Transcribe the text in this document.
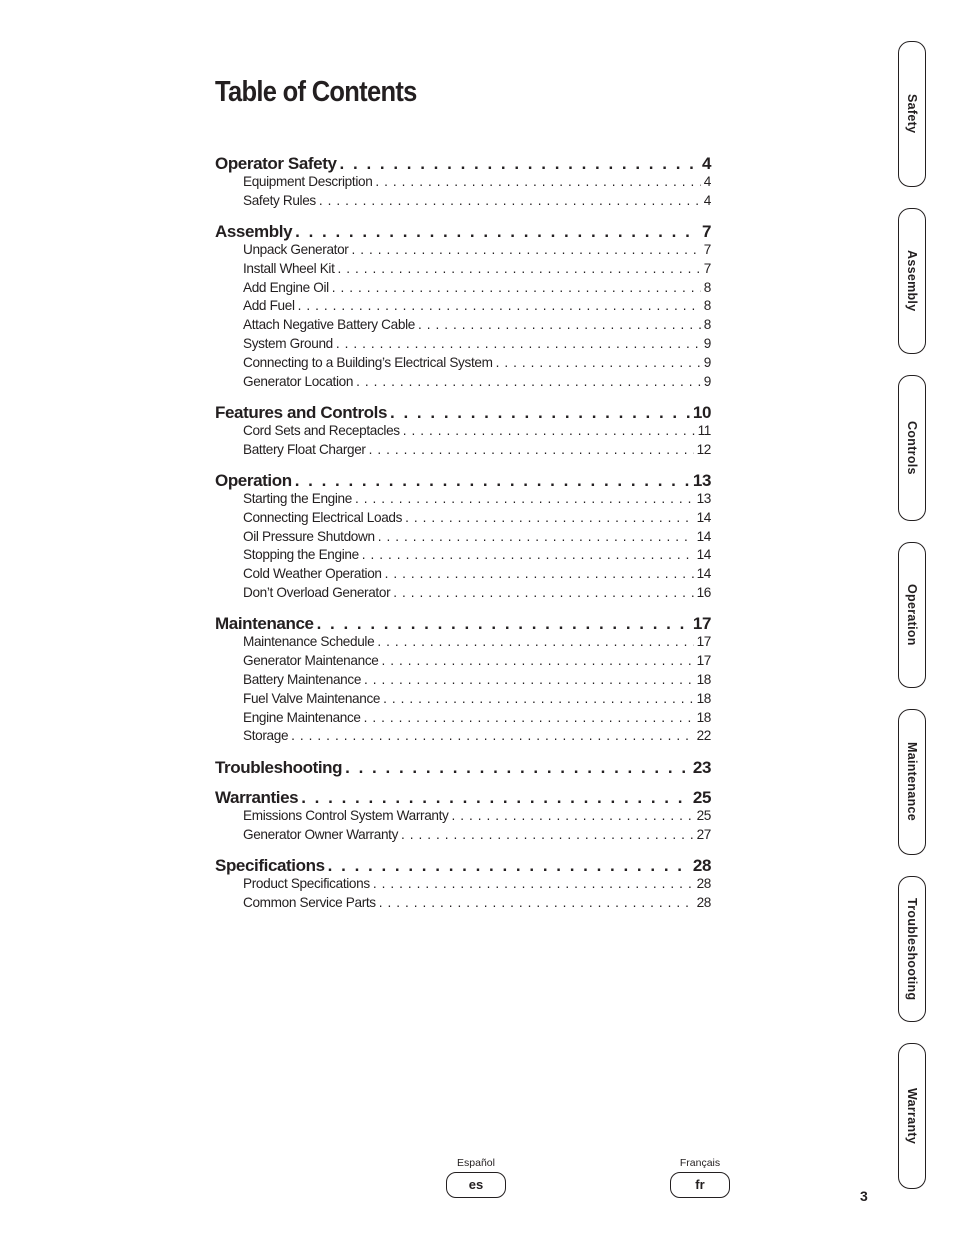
Table of Contents
Operator Safety . . .	4
Equipment Description . . .	4
Safety Rules . . .	4
Assembly . . .	7
Unpack Generator . . .	7
Install Wheel Kit . . .	7
Add Engine Oil . . .	8
Add Fuel . . .	8
Attach Negative Battery Cable . . .	8
System Ground . . .	9
Connecting to a Building’s Electrical System . . .	9
Generator Location . . .	9
Features and Controls . . .	10
Cord Sets and Receptacles . . .	11
Battery Float Charger . . .	12
Operation . . .	13
Starting the Engine . . .	13
Connecting Electrical Loads . . .	14
Oil Pressure Shutdown . . .	14
Stopping the Engine . . .	14
Cold Weather Operation . . .	14
Don’t Overload Generator . . .	16
Maintenance . . .	17
Maintenance Schedule . . .	17
Generator Maintenance . . .	17
Battery Maintenance . . .	18
Fuel Valve Maintenance . . .	18
Engine Maintenance . . .	18
Storage . . .	22
Troubleshooting . . .	23
Warranties . . .	25
Emissions Control System Warranty . . .	25
Generator Owner Warranty . . .	27
Specifications . . .	28
Product Specifications . . .	28
Common Service Parts . . .	28
Safety
Assembly
Controls
Operation
Maintenance
Troubleshooting
Warranty
Español
es
Français
fr
3
